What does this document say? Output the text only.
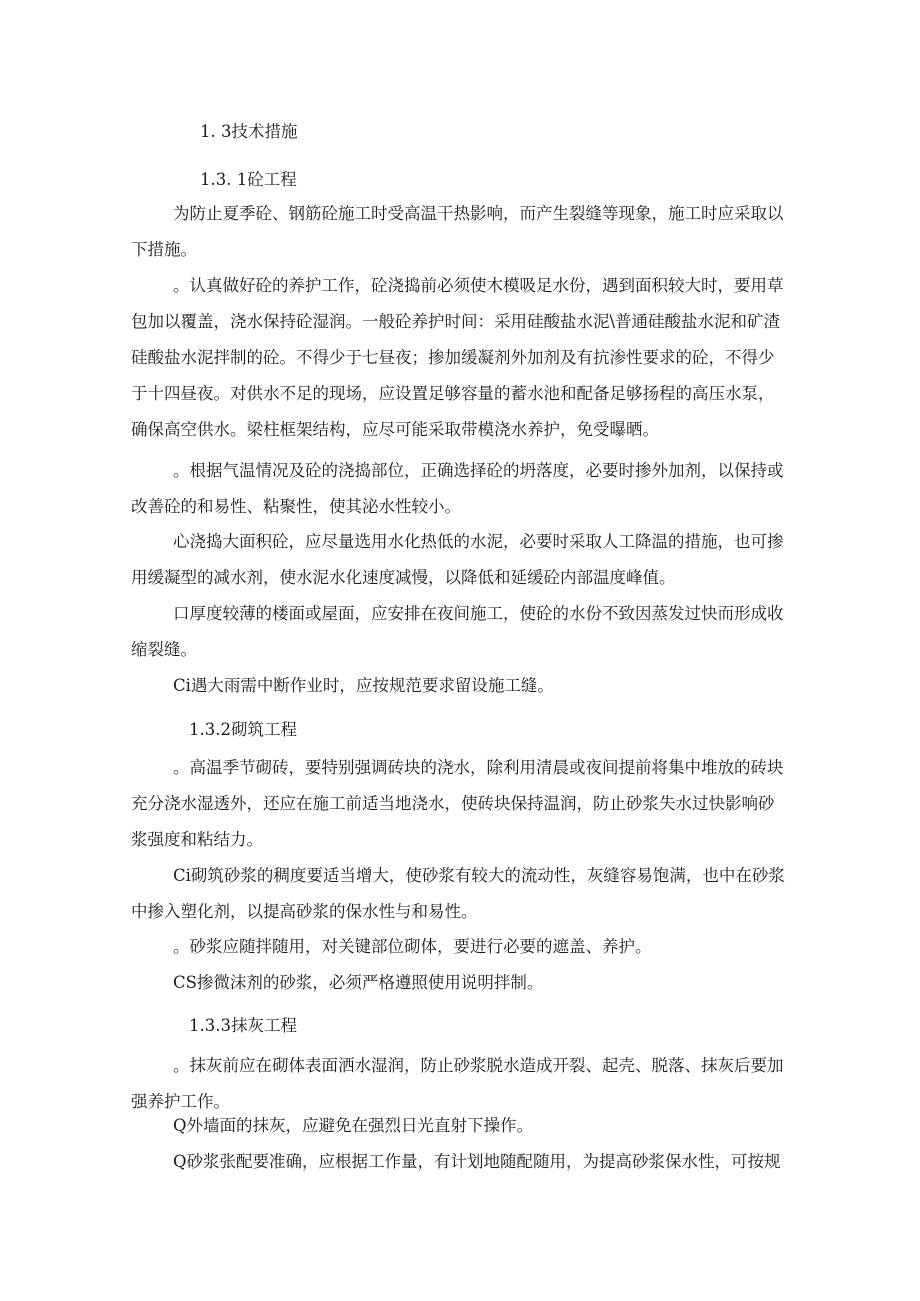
1. 3技术措施
1.3. 1砼工程

为防止夏季砼、钢筋砼施工时受高温干热影响，而产生裂缝等现象，施工时应采取以下措施。

。认真做好砼的养护工作，砼浇捣前必须使木模吸足水份，遇到面积较大时，要用草包加以覆盖，浇水保持砼湿润。一般砼养护时间：采用硅酸盐水泥\普通硅酸盐水泥和矿渣硅酸盐水泥拌制的砼。不得少于七昼夜；掺加缓凝剂外加剂及有抗渗性要求的砼，不得少于十四昼夜。对供水不足的现场，应设置足够容量的蓄水池和配备足够扬程的高压水泵，确保高空供水。梁柱框架结构，应尽可能采取带模浇水养护，免受曝晒。

。根据气温情况及砼的浇捣部位，正确选择砼的坍落度，必要时掺外加剂，以保持或改善砼的和易性、粘聚性，使其泌水性较小。

心浇捣大面积砼，应尽量选用水化热低的水泥，必要时采取人工降温的措施，也可掺用缓凝型的减水剂，使水泥水化速度减慢，以降低和延缓砼内部温度峰值。

口厚度较薄的楼面或屋面，应安排在夜间施工，使砼的水份不致因蒸发过快而形成收缩裂缝。

Ci遇大雨需中断作业时，应按规范要求留设施工缝。

1.3.2砌筑工程

。高温季节砌砖，要特别强调砖块的浇水，除利用清晨或夜间提前将集中堆放的砖块充分浇水湿透外，还应在施工前适当地浇水，使砖块保持温润，防止砂浆失水过快影响砂浆强度和粘结力。

Ci砌筑砂浆的稠度要适当增大，使砂浆有较大的流动性，灰缝容易饱满，也中在砂浆中掺入塑化剂，以提高砂浆的保水性与和易性。

。砂浆应随拌随用，对关键部位砌体，要进行必要的遮盖、养护。

CS掺微沫剂的砂浆，必须严格遵照使用说明拌制。

1.3.3抹灰工程

。抹灰前应在砌体表面洒水湿润，防止砂浆脱水造成开裂、起壳、脱落、抹灰后要加强养护工作。

Q外墙面的抹灰，应避免在强烈日光直射下操作。

Q砂浆张配要准确，应根据工作量，有计划地随配随用，为提高砂浆保水性，可按规
